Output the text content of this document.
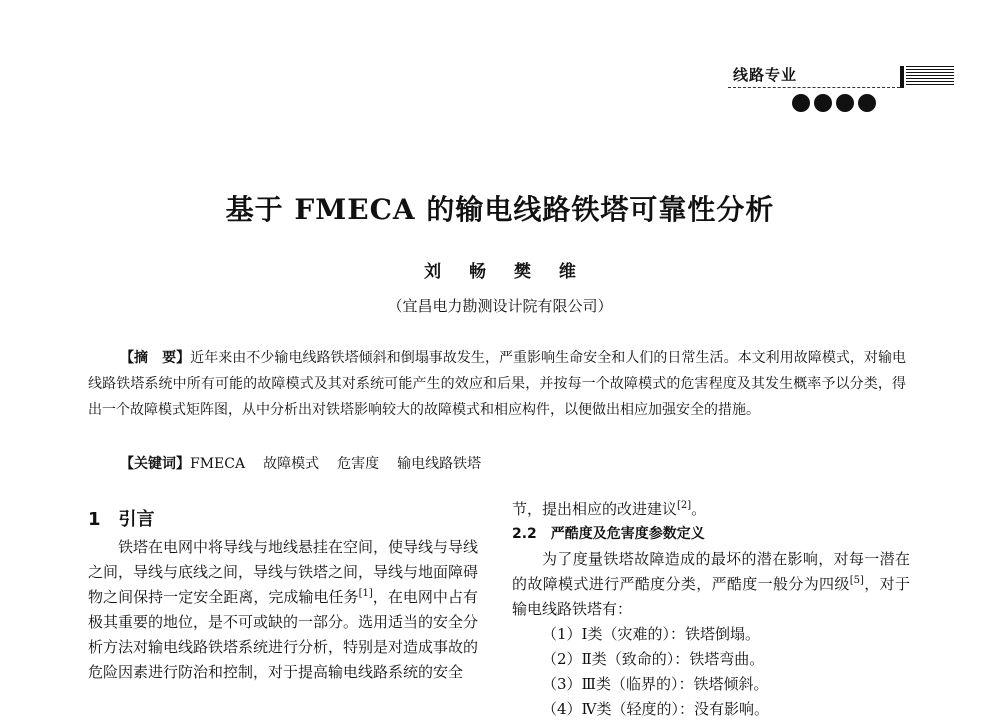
线路专业
基于 FMECA 的输电线路铁塔可靠性分析
刘 畅 樊 维
（宜昌电力勘测设计院有限公司）
【摘　要】近年来由不少输电线路铁塔倾斜和倒塌事故发生，严重影响生命安全和人们的日常生活。本文利用故障模式，对输电线路铁塔系统中所有可能的故障模式及其对系统可能产生的效应和后果，并按每一个故障模式的危害程度及其发生概率予以分类，得出一个故障模式矩阵图，从中分析出对铁塔影响较大的故障模式和相应构件，以便做出相应加强安全的措施。
【关键词】FMECA 故障模式 危害度 输电线路铁塔
1　引言
铁塔在电网中将导线与地线悬挂在空间，使导线与导线之间，导线与底线之间，导线与铁塔之间，导线与地面障碍物之间保持一定安全距离，完成输电任务[1]，在电网中占有极其重要的地位，是不可或缺的一部分。选用适当的安全分析方法对输电线路铁塔系统进行分析，特别是对造成事故的危险因素进行防治和控制，对于提高输电线路系统的安全
节，提出相应的改进建议[2]。
2.2　严酷度及危害度参数定义
为了度量铁塔故障造成的最坏的潜在影响，对每一潜在的故障模式进行严酷度分类，严酷度一般分为四级[5]，对于输电线路铁塔有：
（1）Ⅰ类（灾难的）：铁塔倒塌。
（2）Ⅱ类（致命的）：铁塔弯曲。
（3）Ⅲ类（临界的）：铁塔倾斜。
（4）Ⅳ类（轻度的）：没有影响。
